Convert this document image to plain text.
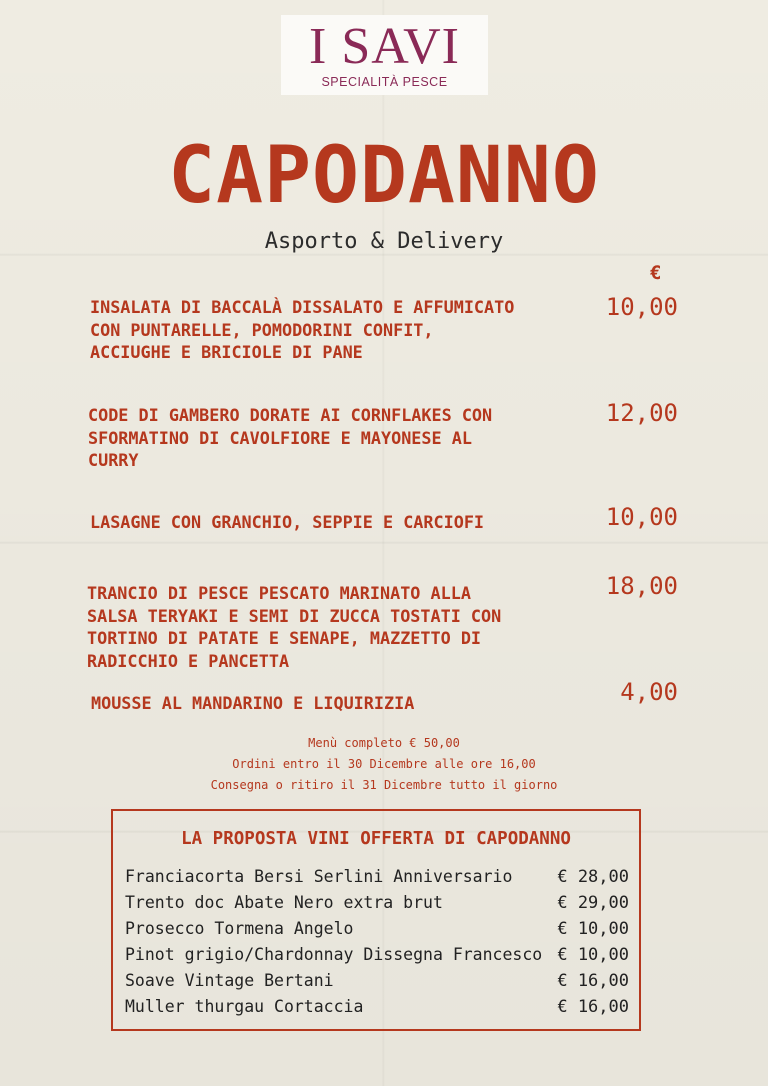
I SAVI
SPECIALITÀ PESCE
CAPODANNO
Asporto & Delivery
€
INSALATA DI BACCALÀ DISSALATO E AFFUMICATO
CON PUNTARELLE, POMODORINI CONFIT,
ACCIUGHE E BRICIOLE DI PANE
10,00
CODE DI GAMBERO DORATE AI CORNFLAKES CON
SFORMATINO DI CAVOLFIORE E MAYONESE AL
CURRY
12,00
LASAGNE CON GRANCHIO, SEPPIE E CARCIOFI	10,00
TRANCIO DI PESCE PESCATO MARINATO ALLA
SALSA TERYAKI E SEMI DI ZUCCA TOSTATI CON
TORTINO DI PATATE E SENAPE, MAZZETTO DI
RADICCHIO E PANCETTA
18,00
MOUSSE AL MANDARINO E LIQUIRIZIA	4,00
Menù completo € 50,00
Ordini entro il 30 Dicembre alle ore 16,00
Consegna o ritiro il 31 Dicembre tutto il giorno
LA PROPOSTA VINI OFFERTA DI CAPODANNO
Franciacorta Bersi Serlini Anniversario	€ 28,00
Trento doc Abate Nero extra brut	€ 29,00
Prosecco Tormena Angelo	€ 10,00
Pinot grigio/Chardonnay Dissegna Francesco € 10,00
Soave Vintage Bertani	€ 16,00
Muller thurgau Cortaccia	€ 16,00
